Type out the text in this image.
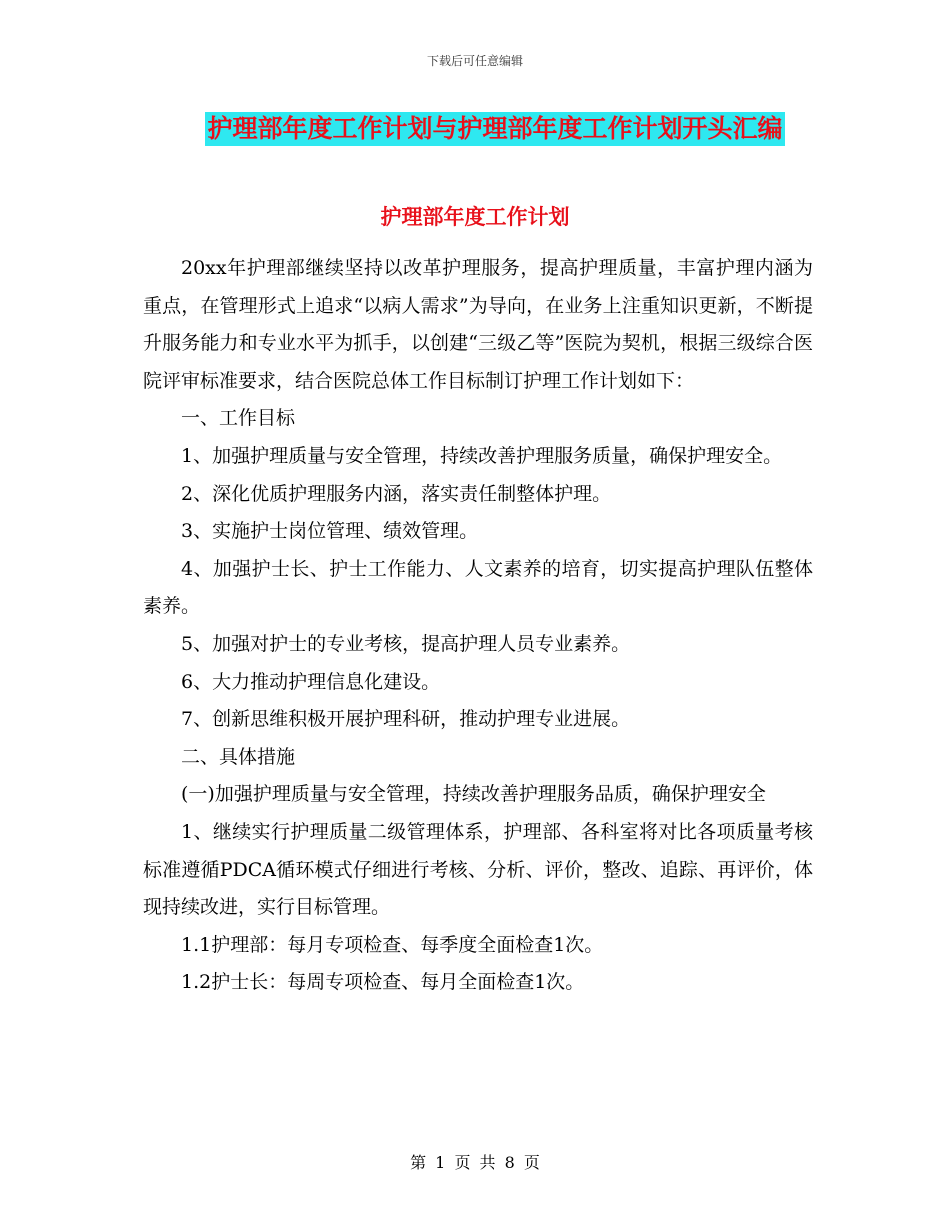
下载后可任意编辑
护理部年度工作计划与护理部年度工作计划开头汇编
护理部年度工作计划

20xx年护理部继续坚持以改革护理服务，提高护理质量，丰富护理内涵为重点，在管理形式上追求“以病人需求”为导向，在业务上注重知识更新，不断提升服务能力和专业水平为抓手，以创建“三级乙等”医院为契机，根据三级综合医院评审标准要求，结合医院总体工作目标制订护理工作计划如下：

一、工作目标

1、加强护理质量与安全管理，持续改善护理服务质量，确保护理安全。

2、深化优质护理服务内涵，落实责任制整体护理。

3、实施护士岗位管理、绩效管理。

4、加强护士长、护士工作能力、人文素养的培育，切实提高护理队伍整体素养。

5、加强对护士的专业考核，提高护理人员专业素养。

6、大力推动护理信息化建设。

7、创新思维积极开展护理科研，推动护理专业进展。

二、具体措施

(一)加强护理质量与安全管理，持续改善护理服务品质，确保护理安全

1、继续实行护理质量二级管理体系，护理部、各科室将对比各项质量考核标准遵循PDCA循环模式仔细进行考核、分析、评价，整改、追踪、再评价，体现持续改进，实行目标管理。

1.1护理部：每月专项检查、每季度全面检查1次。

1.2护士长：每周专项检查、每月全面检查1次。

第 1 页 共 8 页
